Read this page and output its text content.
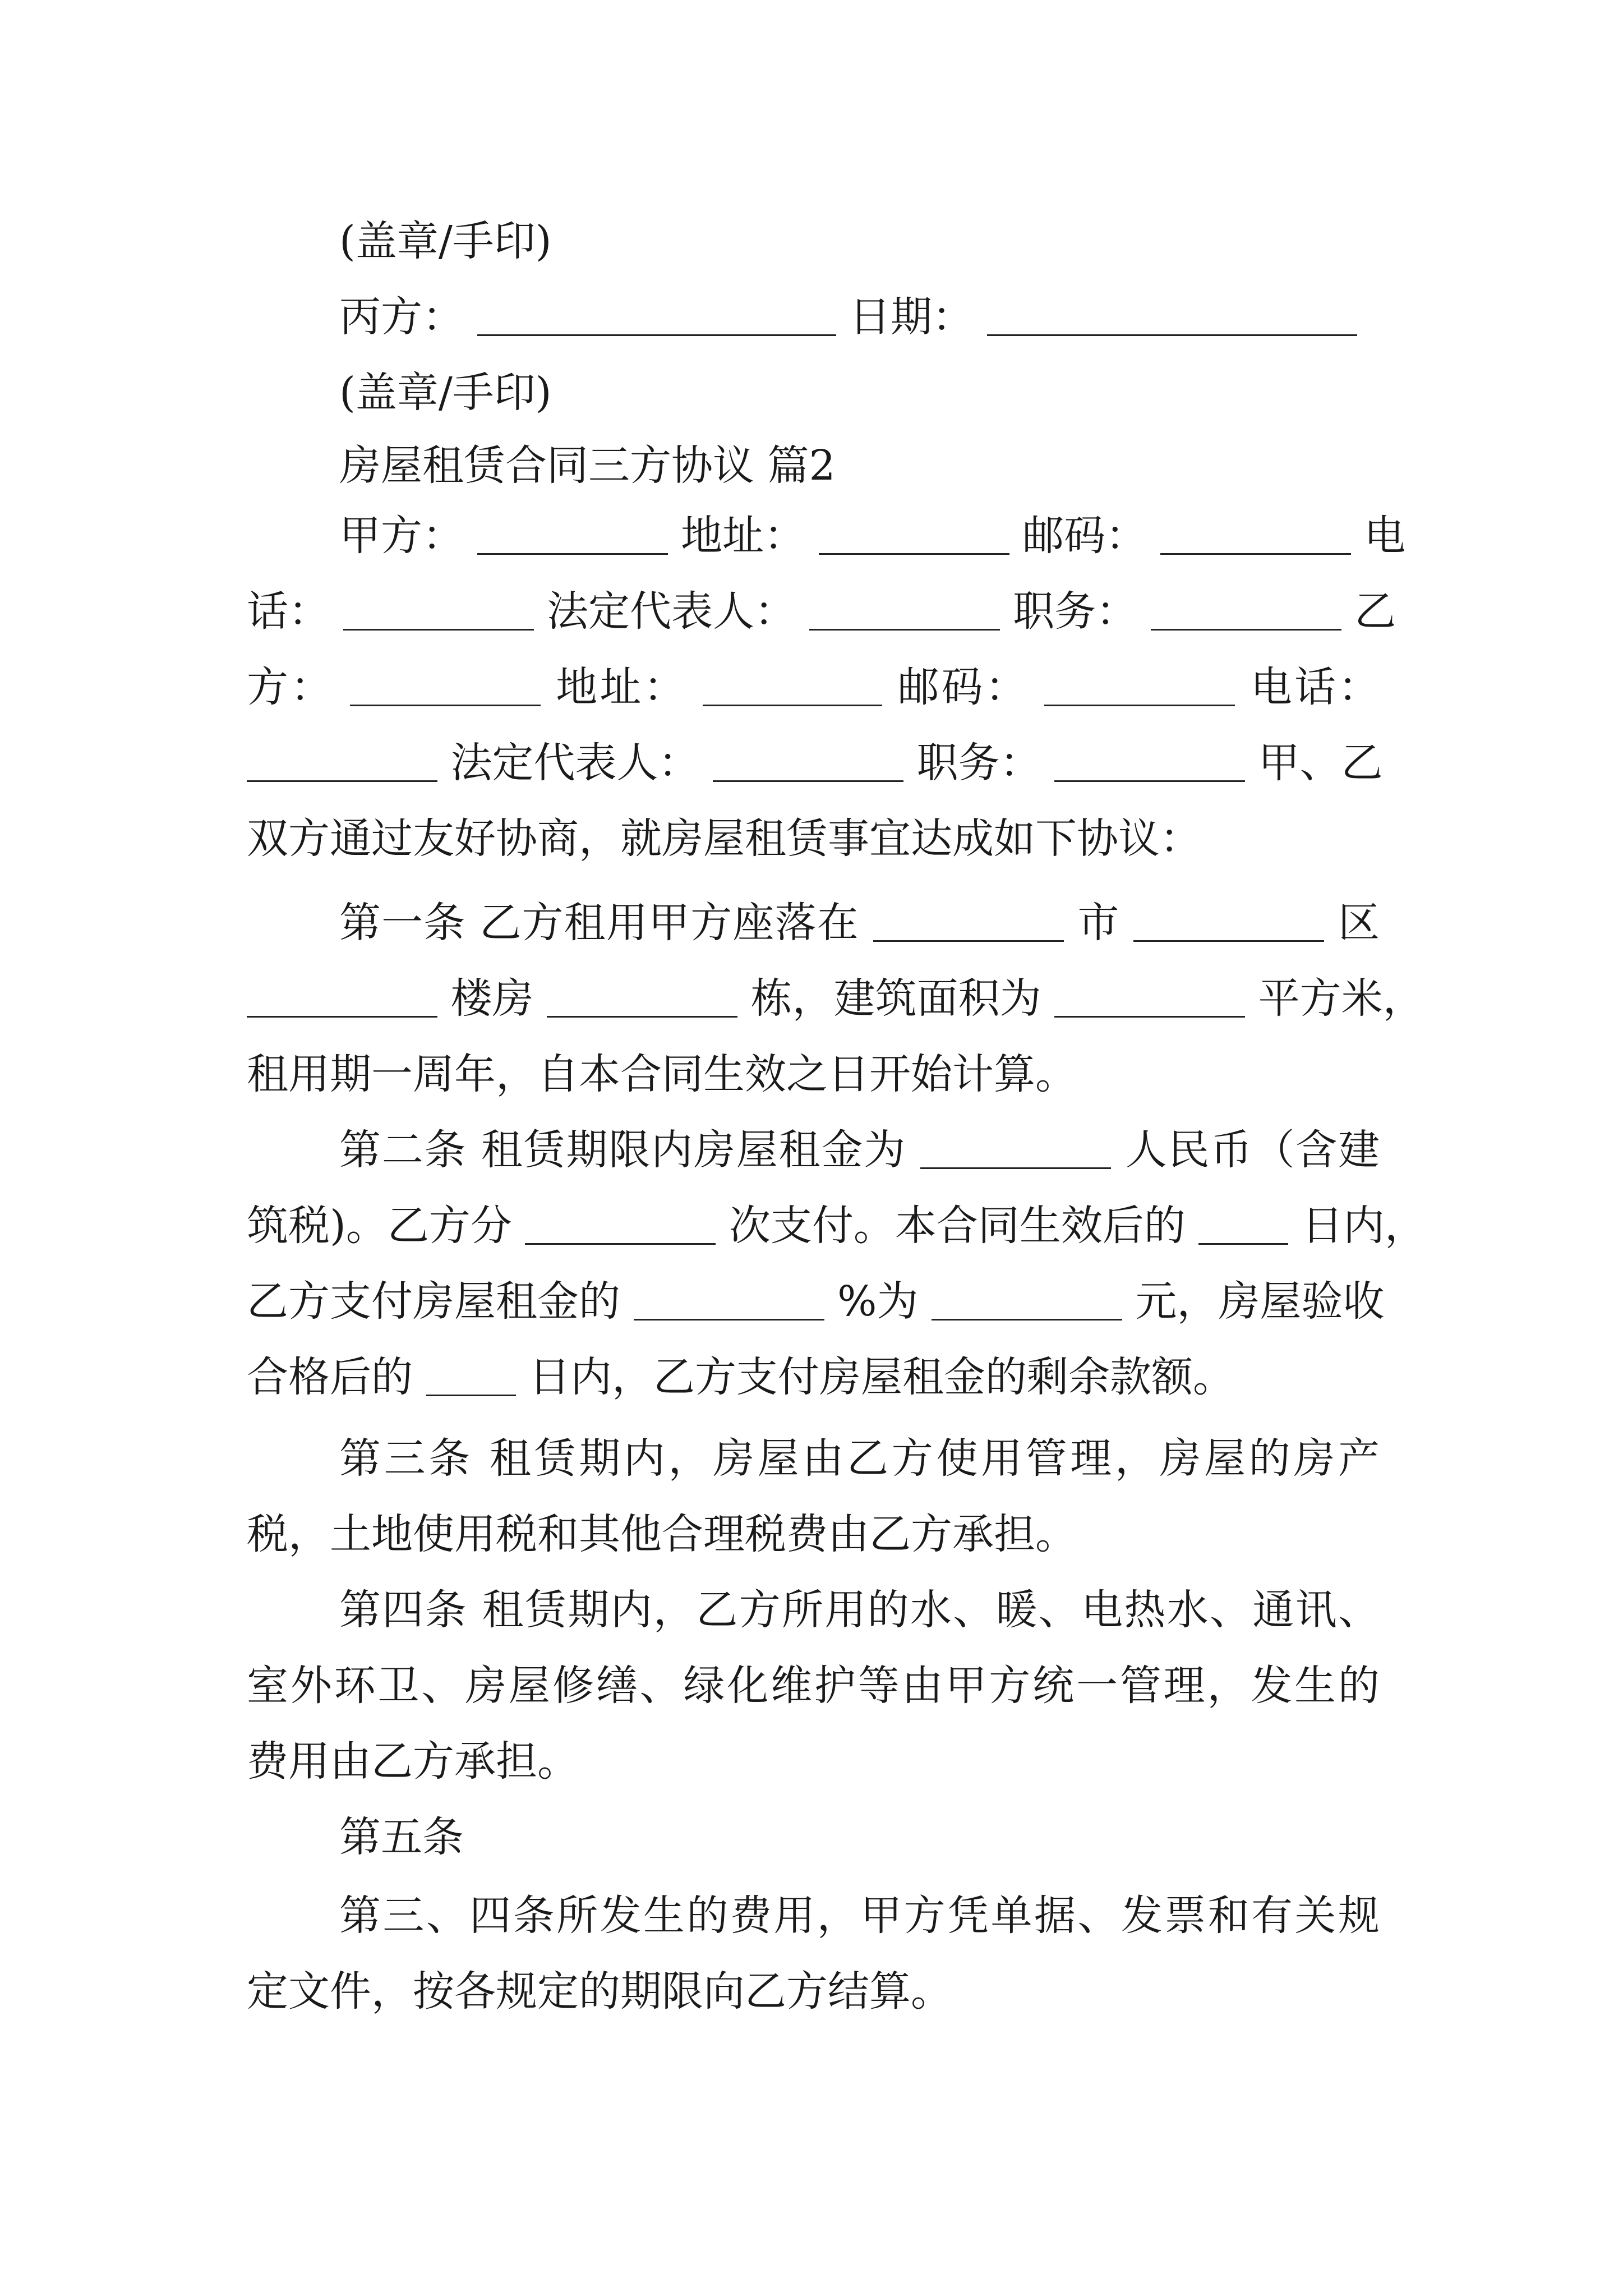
(盖章/手印)
丙方：	日期：
(盖章/手印)
房屋租赁合同三方协议 篇2
甲方：	地址：	邮码：	电
话：	法定代表人：	职务：	乙
方：	地址：	邮码：	电话：
法定代表人：	职务：	甲、乙
双方通过友好协商，就房屋租赁事宜达成如下协议：
第一条 乙方租用甲方座落在	市	区
楼房	栋，建筑面积为	平方米，
租用期一周年，自本合同生效之日开始计算。
第二条 租赁期限内房屋租金为	人民币（含建
筑税)。乙方分	次支付。本合同生效后的	日内，
乙方支付房屋租金的	%为	元，房屋验收
合格后的	日内，乙方支付房屋租金的剩余款额。
第三条 租赁期内，房屋由乙方使用管理，房屋的房产
税，土地使用税和其他合理税费由乙方承担。
第四条 租赁期内，乙方所用的水、暖、电热水、通讯、
室外环卫、房屋修缮、绿化维护等由甲方统一管理，发生的
费用由乙方承担。
第五条
第三、四条所发生的费用，甲方凭单据、发票和有关规
定文件，按各规定的期限向乙方结算。
